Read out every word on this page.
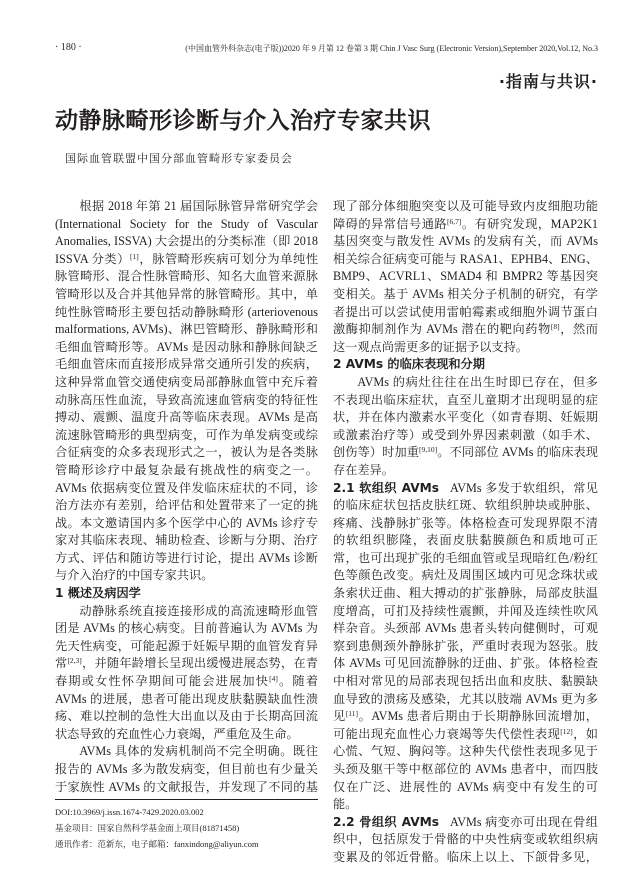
· 180 ·	(中国血管外科杂志(电子版))2020 年 9 月第 12 卷第 3 期 Chin J Vasc Surg (Electronic Version),September 2020,Vol.12, No.3
·指南与共识·
动静脉畸形诊断与介入治疗专家共识
国际血管联盟中国分部血管畸形专家委员会

根据 2018 年第 21 届国际脉管异常研究学会 (International Society for the Study of Vascular Anomalies, ISSVA) 大会提出的分类标准（即 2018 ISSVA 分类）[1]，脉管畸形疾病可划分为单纯性脉管畸形、混合性脉管畸形、知名大血管来源脉管畸形以及合并其他异常的脉管畸形。其中，单纯性脉管畸形主要包括动静脉畸形 (arteriovenous malformations, AVMs)、淋巴管畸形、静脉畸形和毛细血管畸形等。AVMs 是因动脉和静脉间缺乏毛细血管床而直接形成异常交通所引发的疾病，这种异常血管交通使病变局部静脉血管中充斥着动脉高压性血流，导致高流速血管病变的特征性搏动、震颤、温度升高等临床表现。AVMs 是高流速脉管畸形的典型病变，可作为单发病变或综合征病变的众多表现形式之一，被认为是各类脉管畸形诊疗中最复杂最有挑战性的病变之一。AVMs 依据病变位置及伴发临床症状的不同，诊治方法亦有差别，给评估和处置带来了一定的挑战。本文邀请国内多个医学中心的 AVMs 诊疗专家对其临床表现、辅助检查、诊断与分期、治疗方式、评估和随访等进行讨论，提出 AVMs 诊断与介入治疗的中国专家共识。

1 概述及病因学

动静脉系统直接连接形成的高流速畸形血管团是 AVMs 的核心病变。目前普遍认为 AVMs 为先天性病变，可能起源于妊娠早期的血管发育异常[2,3]，并随年龄增长呈现出缓慢进展态势，在青春期或女性怀孕期间可能会进展加快[4]。随着 AVMs 的进展，患者可能出现皮肤黏膜缺血性溃疡、难以控制的急性大出血以及由于长期高回流状态导致的充血性心力衰竭，严重危及生命。

AVMs 具体的发病机制尚不完全明确。既往报告的 AVMs 多为散发病变，但目前也有少量关于家族性 AVMs 的文献报告，并发现了不同的基

DOI:10.3969/j.issn.1674-7429.2020.03.002
基金项目：国家自然科学基金面上项目(81871458)
通讯作者：范新东，电子邮箱：fanxindong@aliyun.com

现了部分体细胞突变以及可能导致内皮细胞功能障碍的异常信号通路[6,7]。有研究发现，MAP2K1 基因突变与散发性 AVMs 的发病有关，而 AVMs 相关综合征病变可能与 RASA1、EPHB4、ENG、BMP9、ACVRL1、SMAD4 和 BMPR2 等基因突变相关。基于 AVMs 相关分子机制的研究，有学者提出可以尝试使用雷帕霉素或细胞外调节蛋白激酶抑制剂作为 AVMs 潜在的靶向药物[8]，然而这一观点尚需更多的证据予以支持。

2 AVMs 的临床表现和分期

AVMs 的病灶往往在出生时即已存在，但多不表现出临床症状，直至儿童期才出现明显的症状，并在体内激素水平变化（如青春期、妊娠期或激素治疗等）或受到外界因素刺激（如手术、创伤等）时加重[9,10]。不同部位 AVMs 的临床表现存在差异。

2.1 软组织 AVMs AVMs 多发于软组织，常见的临床症状包括皮肤红斑、软组织肿块或肿胀、疼痛、浅静脉扩张等。体格检查可发现界限不清的软组织膨隆，表面皮肤黏膜颜色和质地可正常，也可出现扩张的毛细血管或呈现暗红色/粉红色等颜色改变。病灶及周围区域内可见念珠状或条索状迂曲、粗大搏动的扩张静脉，局部皮肤温度增高，可扪及持续性震颤，并闻及连续性吹风样杂音。头颈部 AVMs 患者头转向健侧时，可观察到患侧颈外静脉扩张，严重时表现为怒张。肢体 AVMs 可见回流静脉的迂曲、扩张。体格检查中相对常见的局部表现包括出血和皮肤、黏膜缺血导致的溃疡及感染，尤其以肢端 AVMs 更为多见[11]。AVMs 患者后期由于长期静脉回流增加，可能出现充血性心力衰竭等失代偿性表现[12]，如心慌、气短、胸闷等。这种失代偿性表现多见于头颈及躯干等中枢部位的 AVMs 患者中，而四肢仅在广泛、进展性的 AVMs 病变中有发生的可能。

2.2 骨组织 AVMs AVMs 病变亦可出现在骨组织中，包括原发于骨骼的中央性病变或软组织病变累及的邻近骨骼。临床上以上、下颌骨多见，
